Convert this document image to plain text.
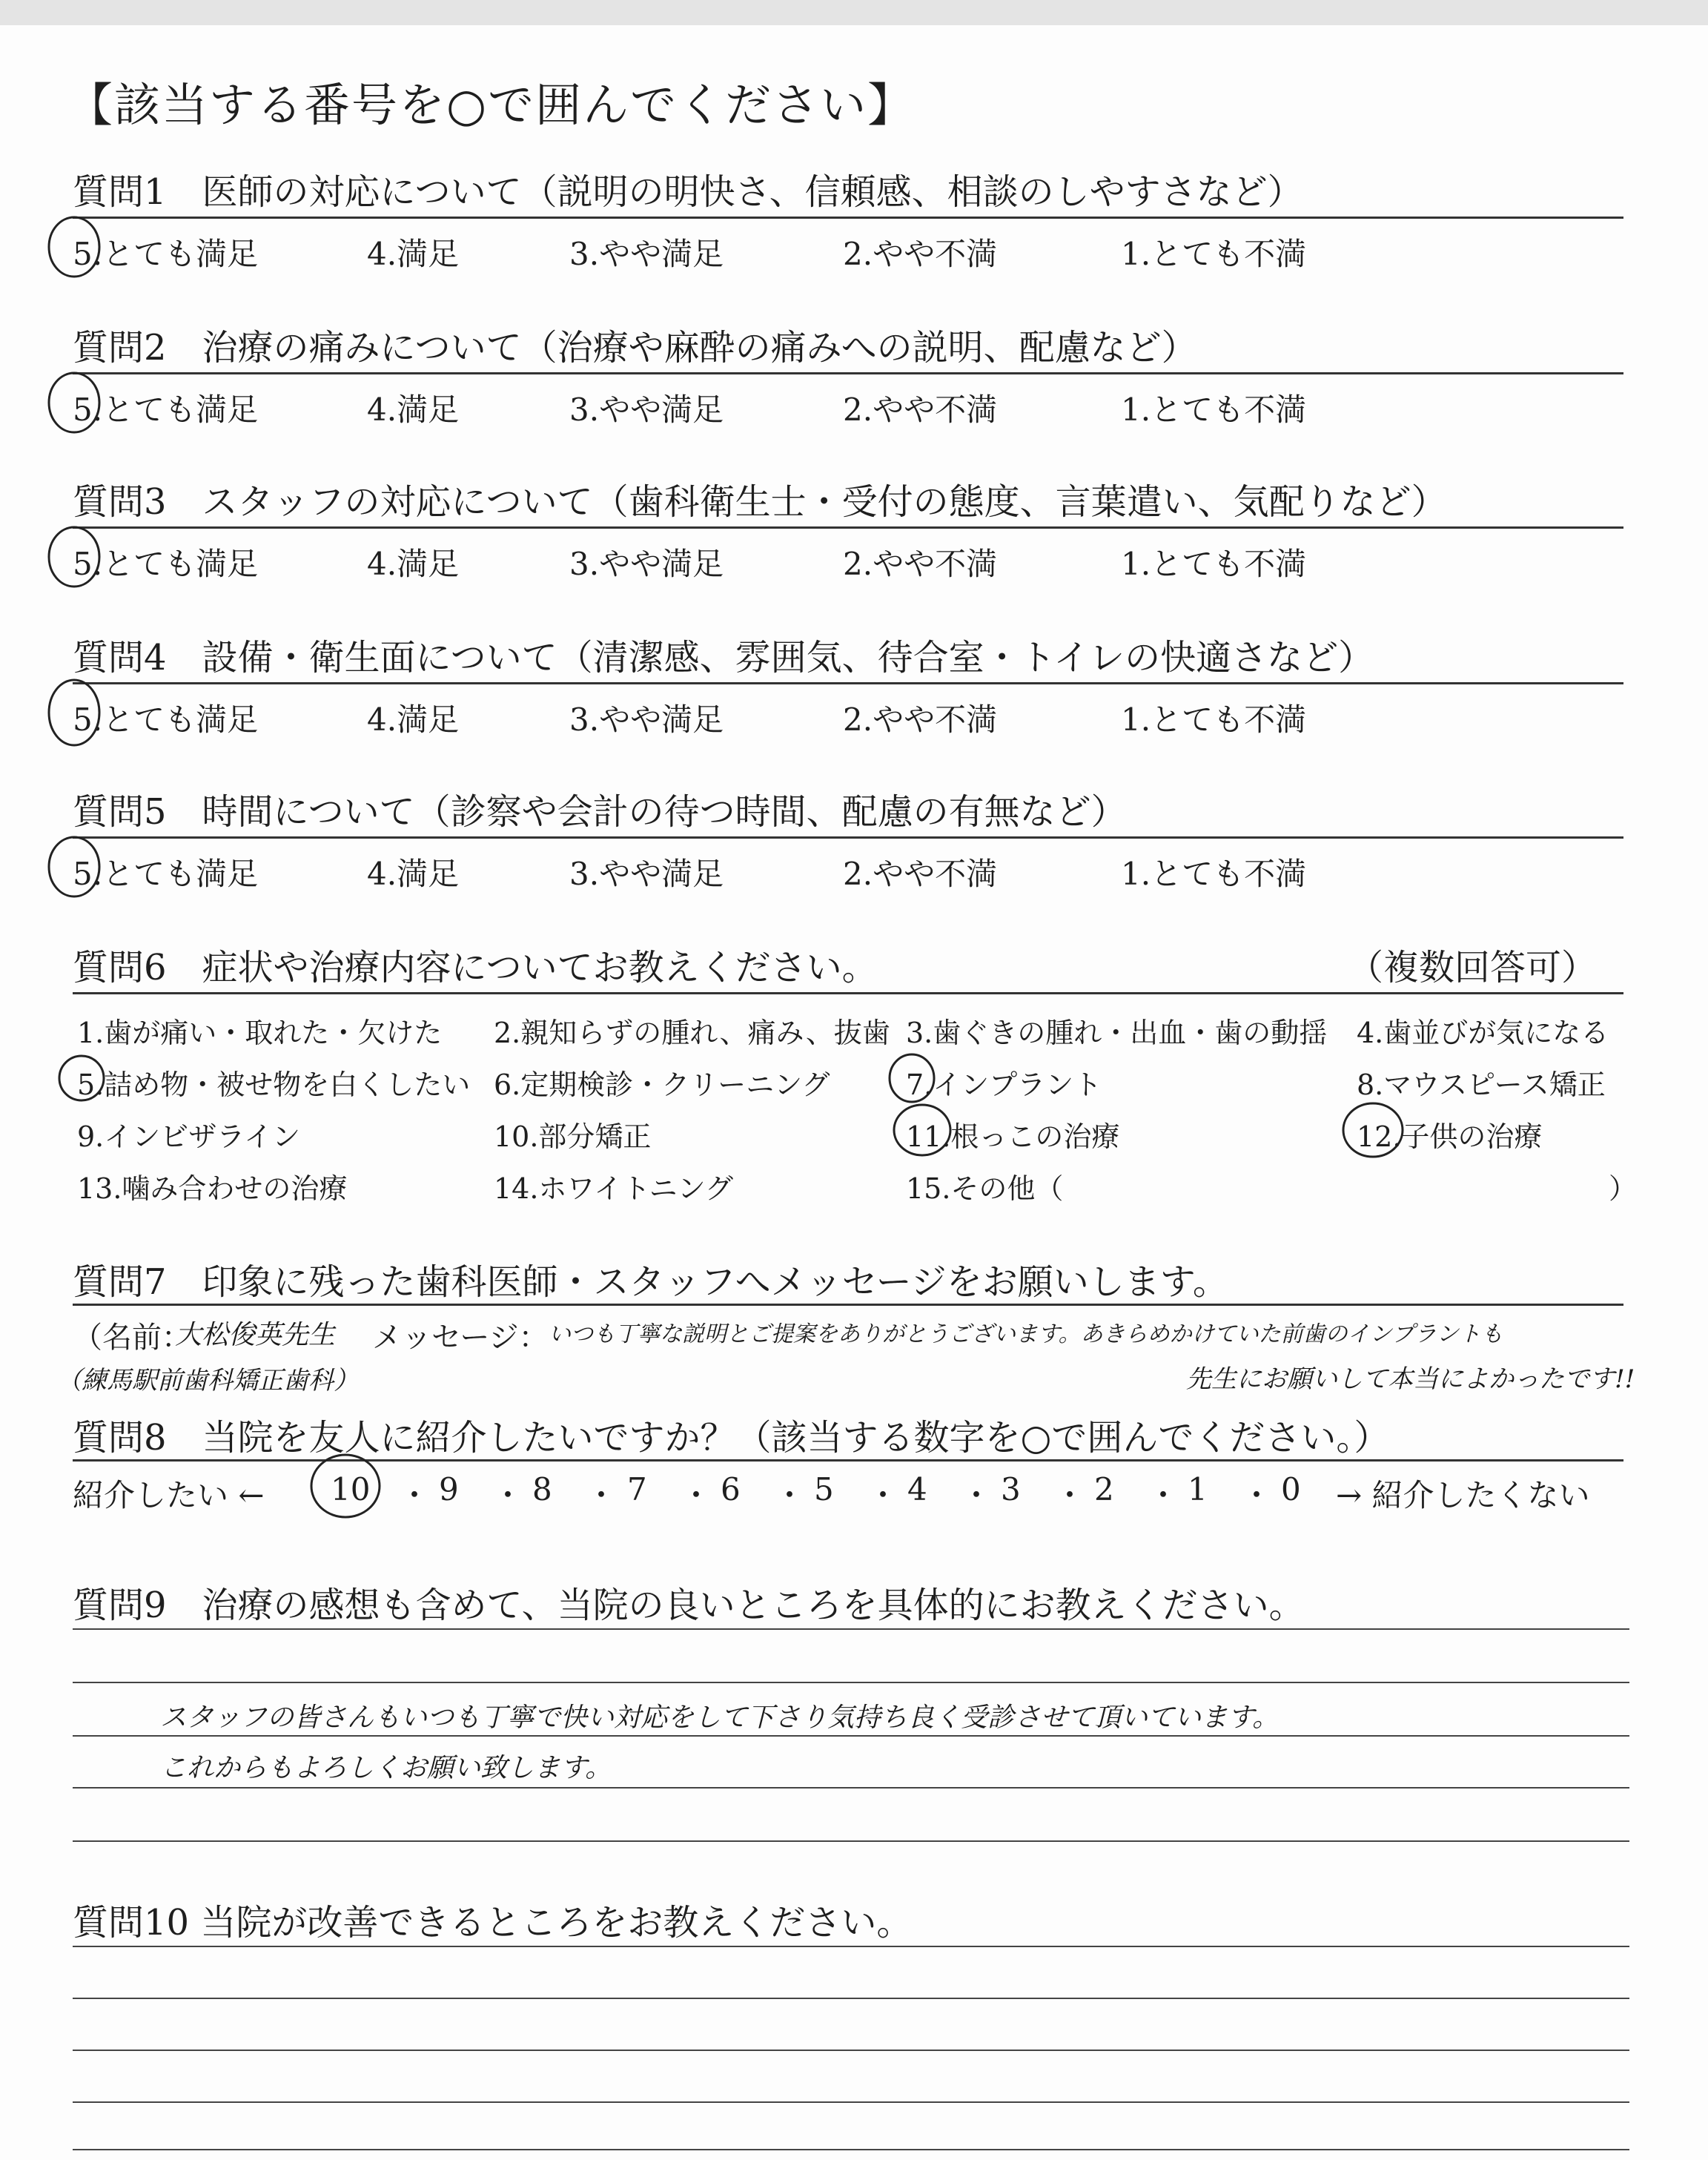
【該当する番号を○で囲んでください】
質問1　医師の対応について（説明の明快さ、信頼感、相談のしやすさなど）
5.とても満足	4.満足	3.やや満足	2.やや不満	1.とても不満
質問2　治療の痛みについて（治療や麻酔の痛みへの説明、配慮など）
5.とても満足	4.満足	3.やや満足	2.やや不満	1.とても不満
質問3　スタッフの対応について（歯科衛生士・受付の態度、言葉遣い、気配りなど）
5.とても満足	4.満足	3.やや満足	2.やや不満	1.とても不満
質問4　設備・衛生面について（清潔感、雰囲気、待合室・トイレの快適さなど）
5.とても満足	4.満足	3.やや満足	2.やや不満	1.とても不満
質問5　時間について（診察や会計の待つ時間、配慮の有無など）
5.とても満足	4.満足	3.やや満足	2.やや不満	1.とても不満
質問6　症状や治療内容についてお教えください。	（複数回答可）
1.歯が痛い・取れた・欠けた 2.親知らずの腫れ、痛み、抜歯 3.歯ぐきの腫れ・出血・歯の動揺 4.歯並びが気になる
5.詰め物・被せ物を白くしたい 6.定期検診・クリーニング	7.インプラント	8.マウスピース矯正
9.インビザライン	10.部分矯正	11.根っこの治療	12.子供の治療
13.噛み合わせの治療	14.ホワイトニング	15.その他（	）
質問7　印象に残った歯科医師・スタッフへメッセージをお願いします。
（名前：
大松俊英先生 メッセージ： いつも丁寧な説明とご提案をありがとうございます。あきらめかけていた前歯のインプラントも
（練馬駅前歯科矯正歯科）	先生にお願いして本当によかったです!!
質問8　当院を友人に紹介したいですか？（該当する数字を○で囲んでください。）
紹介したい ← 10 ・ 9 ・ 8 ・ 7 ・ 6 ・ 5 ・ 4 ・ 3 ・ 2 ・ 1 ・ 0 → 紹介したくない
質問9　治療の感想も含めて、当院の良いところを具体的にお教えください。
スタッフの皆さんもいつも丁寧で快い対応をして下さり気持ち良く受診させて頂いています。
これからもよろしくお願い致します。
質問10 当院が改善できるところをお教えください。
